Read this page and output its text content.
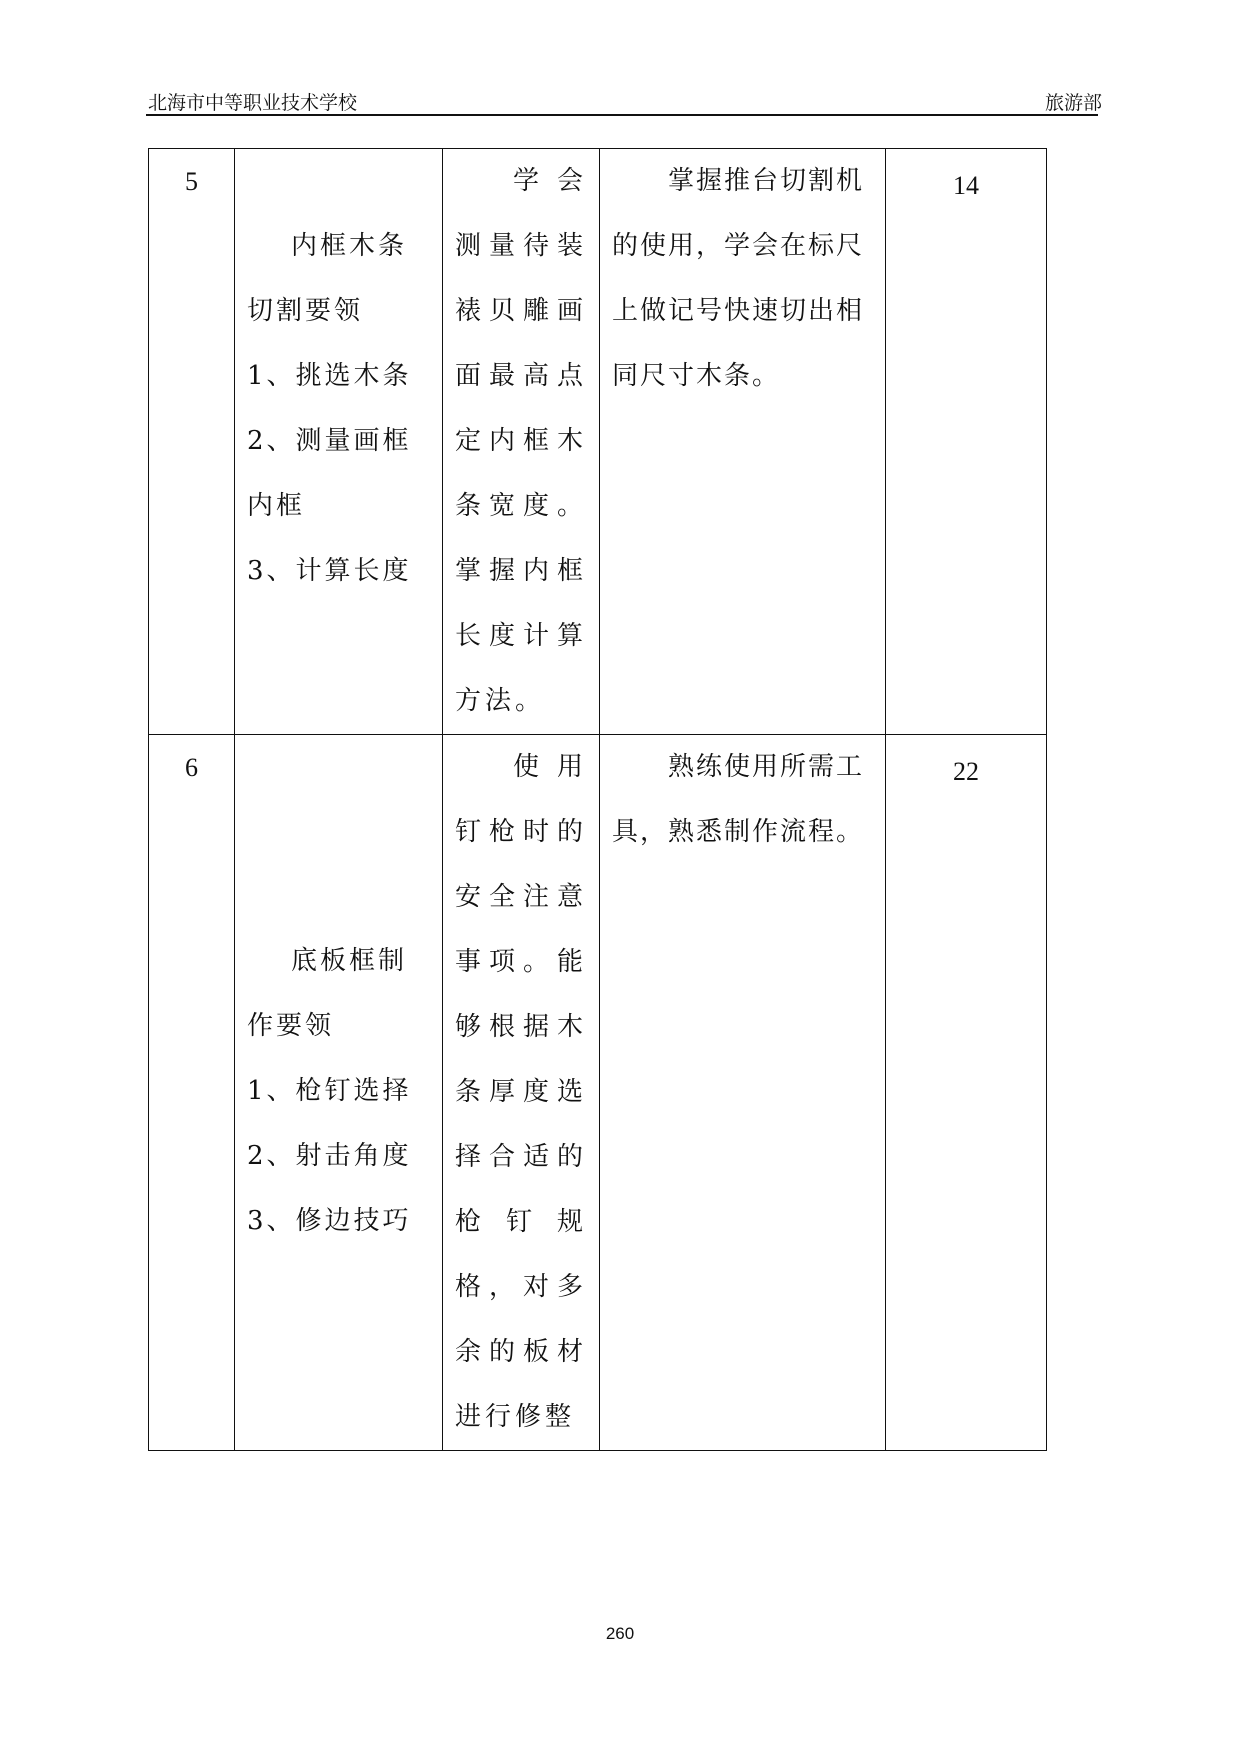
北海市中等职业技术学校	旅游部
5	内框木条切割要领
1、挑选木条
2、测量画框内框
3、计算长度	学会测量待装裱贝雕画面最高点定内框木条宽度。掌握内框长度计算方法。	掌握推台切割机的使用，学会在标尺上做记号快速切出相同尺寸木条。	14

6	底板框制作要领
1、枪钉选择
2、射击角度
3、修边技巧	使用钉枪时的安全注意事项。能够根据木条厚度选择合适的枪钉规格，对多余的板材进行修整	熟练使用所需工具，熟悉制作流程。	22
260
